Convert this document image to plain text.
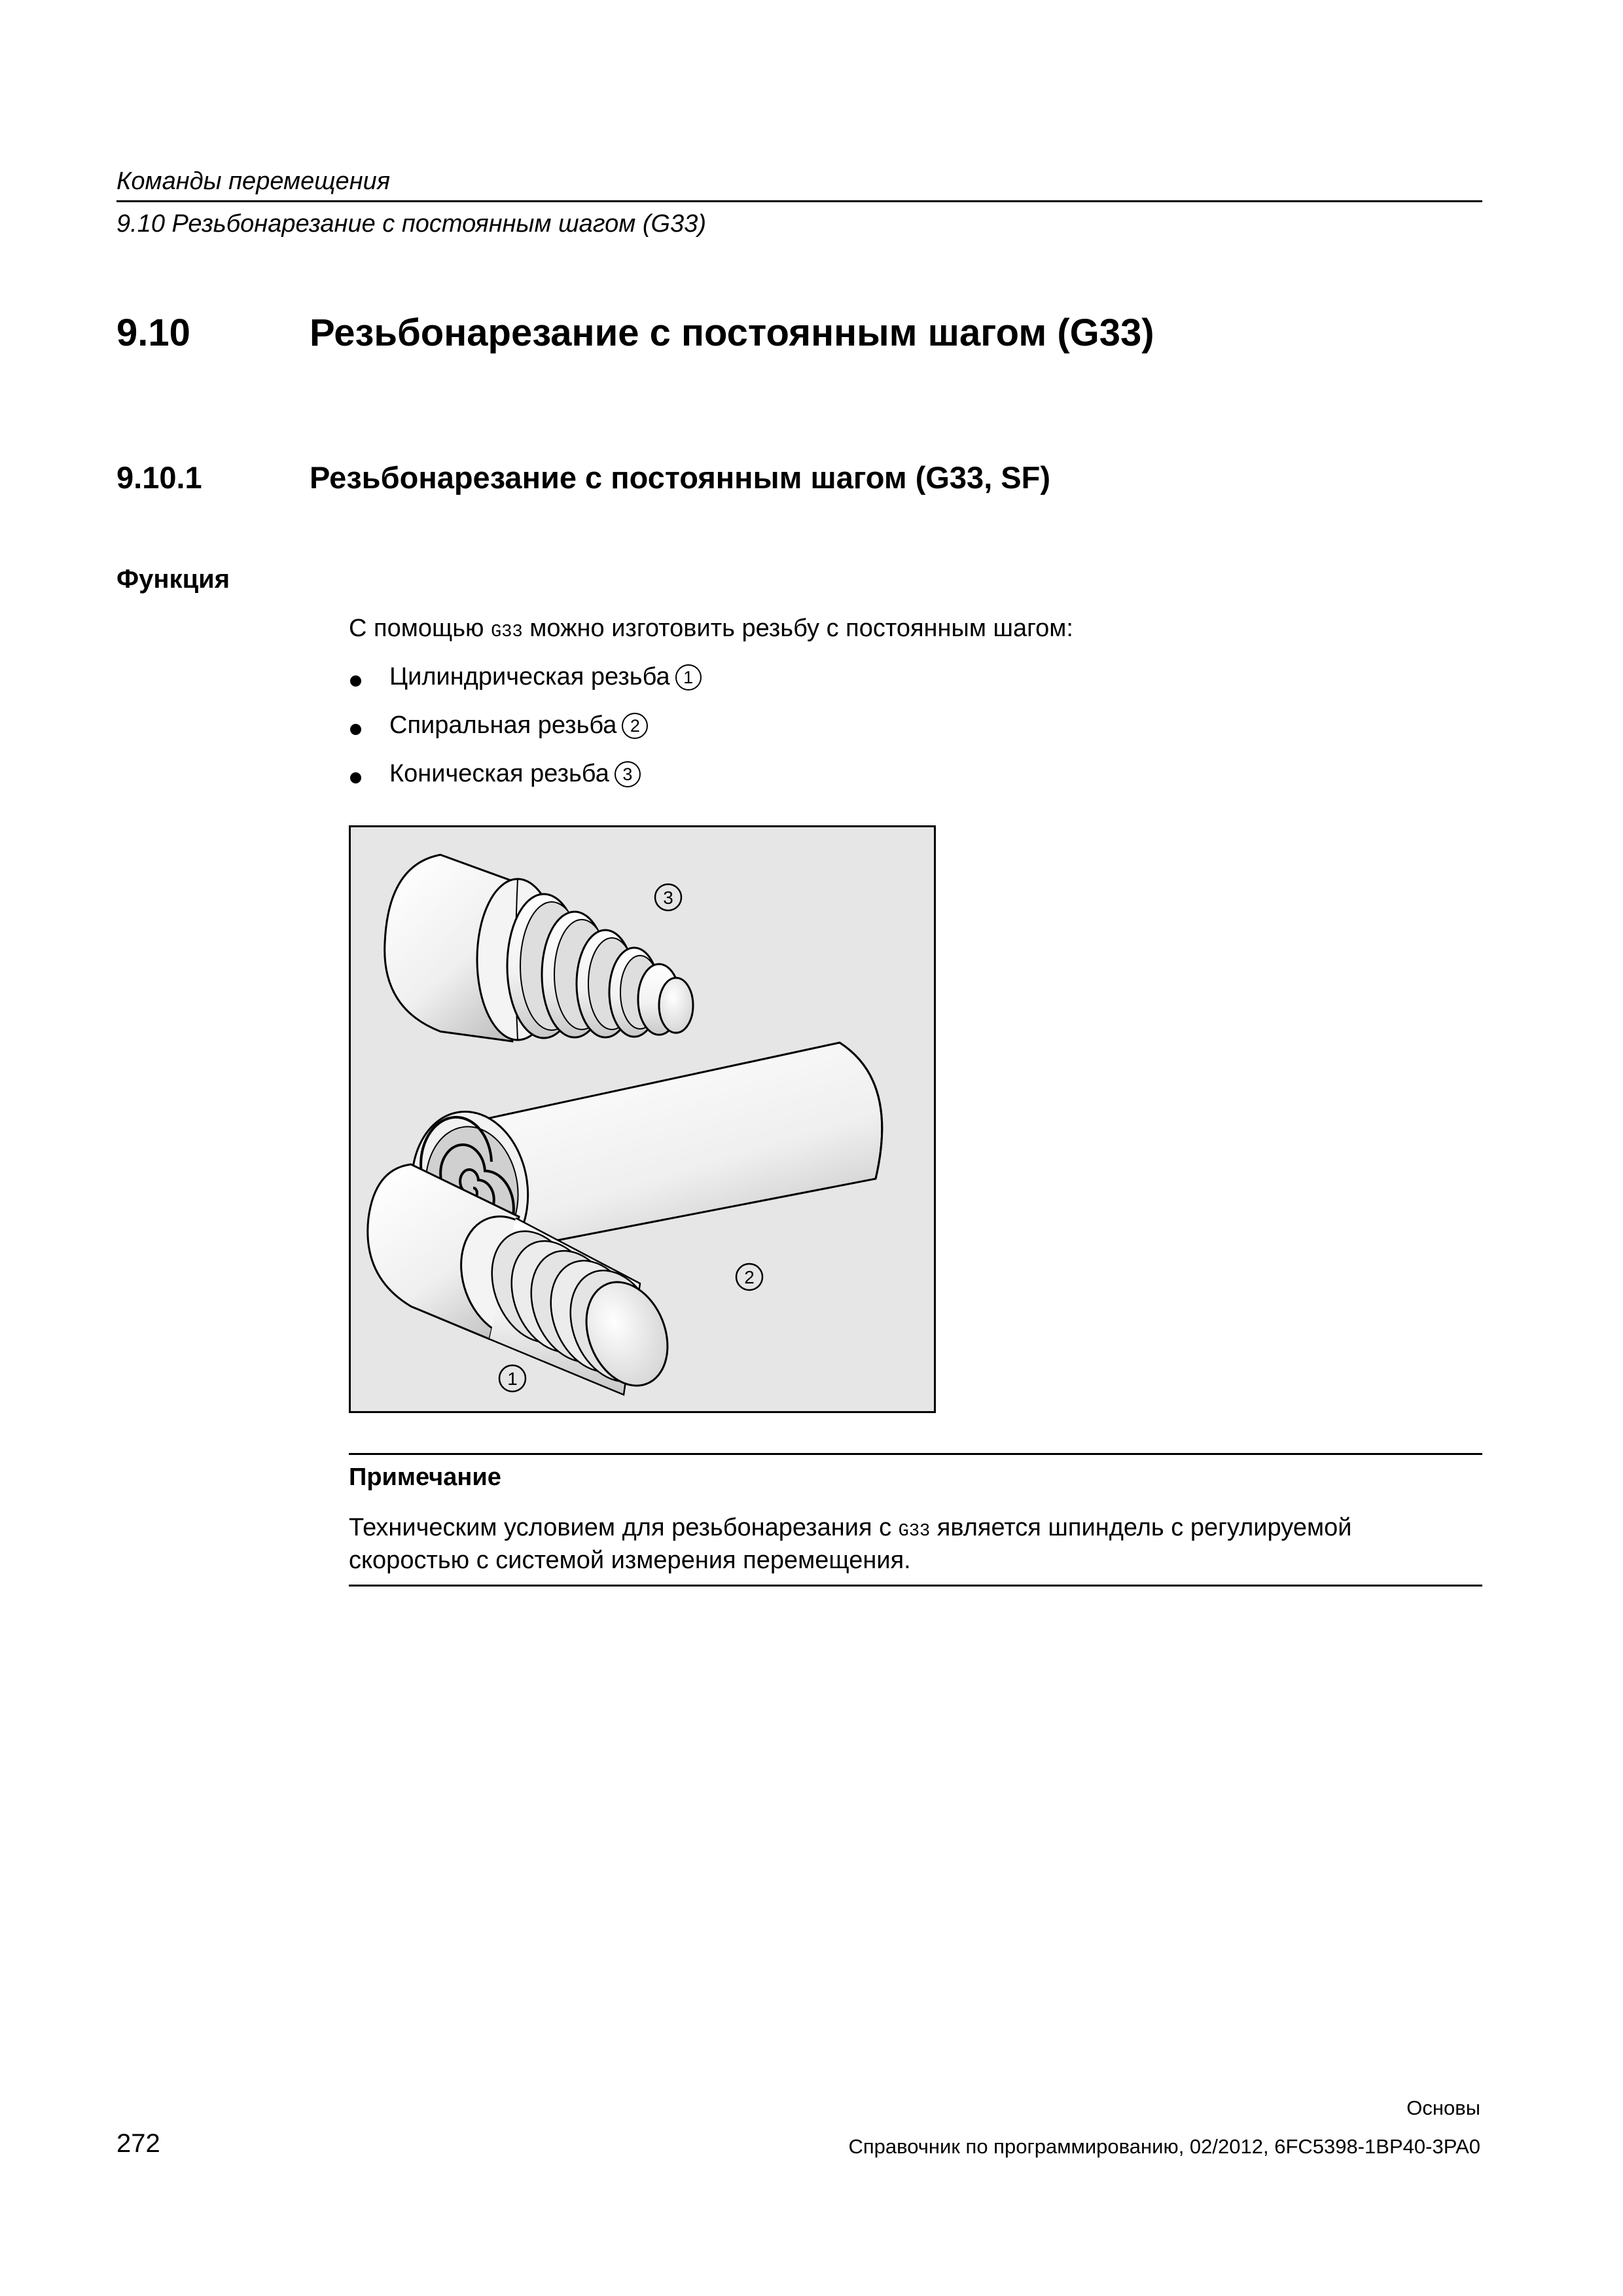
Команды перемещения
9.10 Резьбонарезание с постоянным шагом (G33)
9.10	Резьбонарезание с постоянным шагом (G33)
9.10.1	Резьбонарезание с постоянным шагом (G33, SF)
Функция
С помощью G33 можно изготовить резьбу с постоянным шагом:
Цилиндрическая резьба 1
Спиральная резьба 2
Коническая резьба 3
3
2
1
Примечание
Техническим условием для резьбонарезания с G33 является шпиндель с регулируемой
скоростью с системой измерения перемещения.
Основы
272	Справочник по программированию, 02/2012, 6FC5398-1BP40-3PA0
